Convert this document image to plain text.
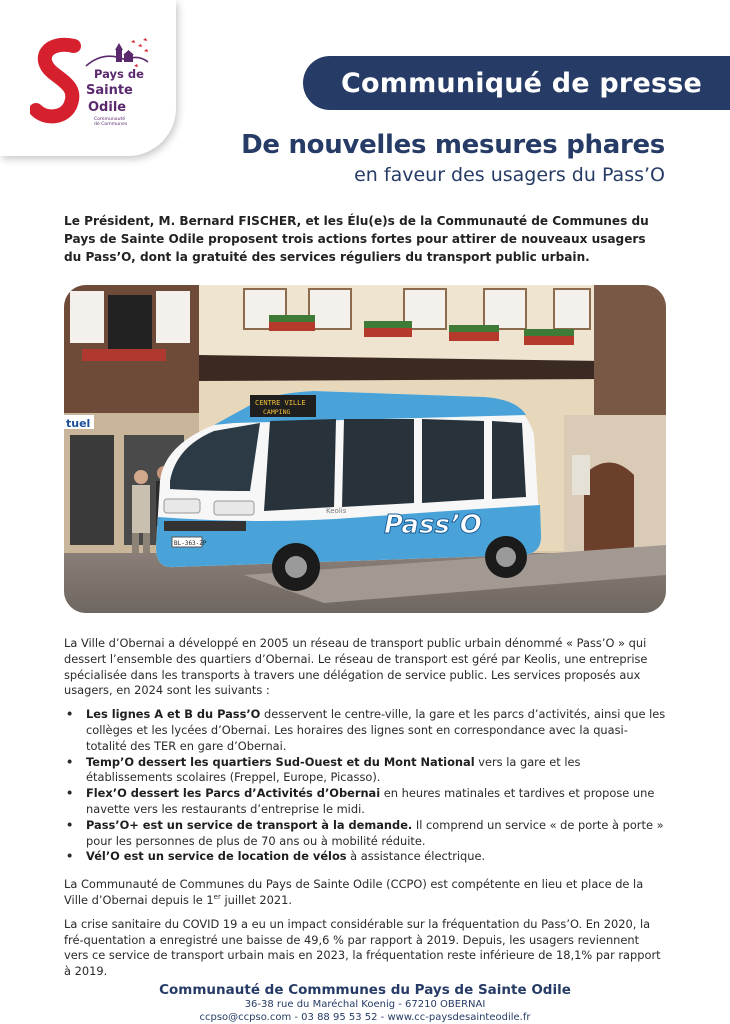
Pays de
Sainte
Odile
Communauté
de Communes
Communiqué de presse
De nouvelles mesures phares
en faveur des usagers du Pass’O

Le Président, M. Bernard FISCHER, et les Élu(e)s de la Communauté de Communes du Pays de Sainte Odile proposent trois actions fortes pour attirer de nouveaux usagers du Pass’O, dont la gratuité des services réguliers du transport public urbain.

tuel
CENTRE VILLE
CAMPING
Pass’O
Keolis
BL-363-ZP

La Ville d’Obernai a développé en 2005 un réseau de transport public urbain dénommé « Pass’O » qui dessert l’ensemble des quartiers d’Obernai. Le réseau de transport est géré par Keolis, une entreprise spécialisée dans les transports à travers une délégation de service public. Les services proposés aux usagers, en 2024 sont les suivants :

• Les lignes A et B du Pass’O desservent le centre-ville, la gare et les parcs d’activités, ainsi que les collèges et les lycées d’Obernai. Les horaires des lignes sont en correspondance avec la quasi-totalité des TER en gare d’Obernai.
• Temp’O dessert les quartiers Sud-Ouest et du Mont National vers la gare et les établissements scolaires (Freppel, Europe, Picasso).
• Flex’O dessert les Parcs d’Activités d’Obernai en heures matinales et tardives et propose une navette vers les restaurants d’entreprise le midi.
• Pass’O+ est un service de transport à la demande. Il comprend un service « de porte à porte » pour les personnes de plus de 70 ans ou à mobilité réduite.
• Vél’O est un service de location de vélos à assistance électrique.

La Communauté de Communes du Pays de Sainte Odile (CCPO) est compétente en lieu et place de la Ville d’Obernai depuis le 1er juillet 2021.

La crise sanitaire du COVID 19 a eu un impact considérable sur la fréquentation du Pass’O. En 2020, la fré-quentation a enregistré une baisse de 49,6 % par rapport à 2019. Depuis, les usagers reviennent vers ce service de transport urbain mais en 2023, la fréquentation reste inférieure de 18,1% par rapport à 2019.

Communauté de Commmunes du Pays de Sainte Odile
36-38 rue du Maréchal Koenig - 67210 OBERNAI
ccpso@ccpso.com - 03 88 95 53 52 - www.cc-paysdesainteodile.fr
